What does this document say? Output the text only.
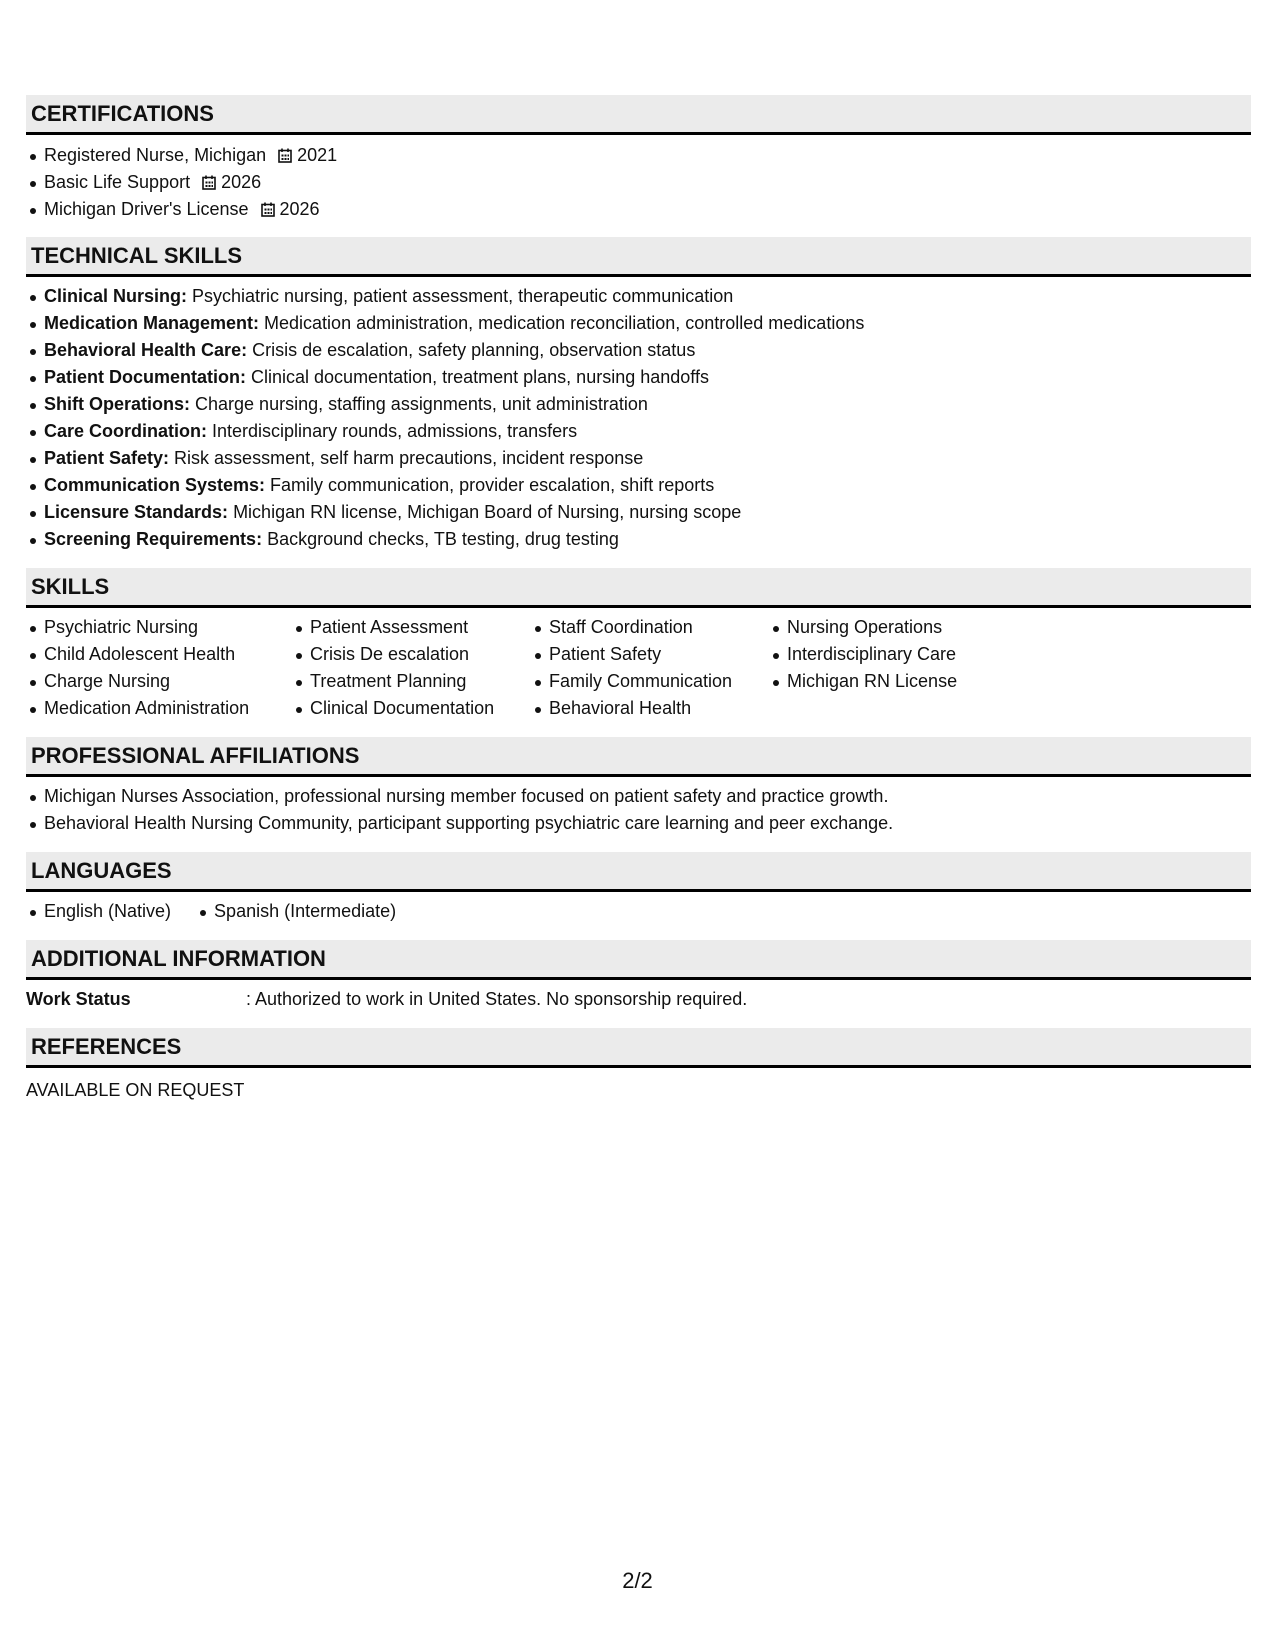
CERTIFICATIONS
Registered Nurse, Michigan 2021
Basic Life Support 2026
Michigan Driver's License 2026
TECHNICAL SKILLS
Clinical Nursing: Psychiatric nursing, patient assessment, therapeutic communication
Medication Management: Medication administration, medication reconciliation, controlled medications
Behavioral Health Care: Crisis de escalation, safety planning, observation status
Patient Documentation: Clinical documentation, treatment plans, nursing handoffs
Shift Operations: Charge nursing, staffing assignments, unit administration
Care Coordination: Interdisciplinary rounds, admissions, transfers
Patient Safety: Risk assessment, self harm precautions, incident response
Communication Systems: Family communication, provider escalation, shift reports
Licensure Standards: Michigan RN license, Michigan Board of Nursing, nursing scope
Screening Requirements: Background checks, TB testing, drug testing
SKILLS
Psychiatric Nursing
Child Adolescent Health
Charge Nursing
Medication Administration
Patient Assessment
Crisis De escalation
Treatment Planning
Clinical Documentation
Staff Coordination
Patient Safety
Family Communication
Behavioral Health
Nursing Operations
Interdisciplinary Care
Michigan RN License
PROFESSIONAL AFFILIATIONS
Michigan Nurses Association, professional nursing member focused on patient safety and practice growth.
Behavioral Health Nursing Community, participant supporting psychiatric care learning and peer exchange.
LANGUAGES
English (Native)	Spanish (Intermediate)
ADDITIONAL INFORMATION
Work Status	: Authorized to work in United States. No sponsorship required.
REFERENCES
AVAILABLE ON REQUEST
2/2
